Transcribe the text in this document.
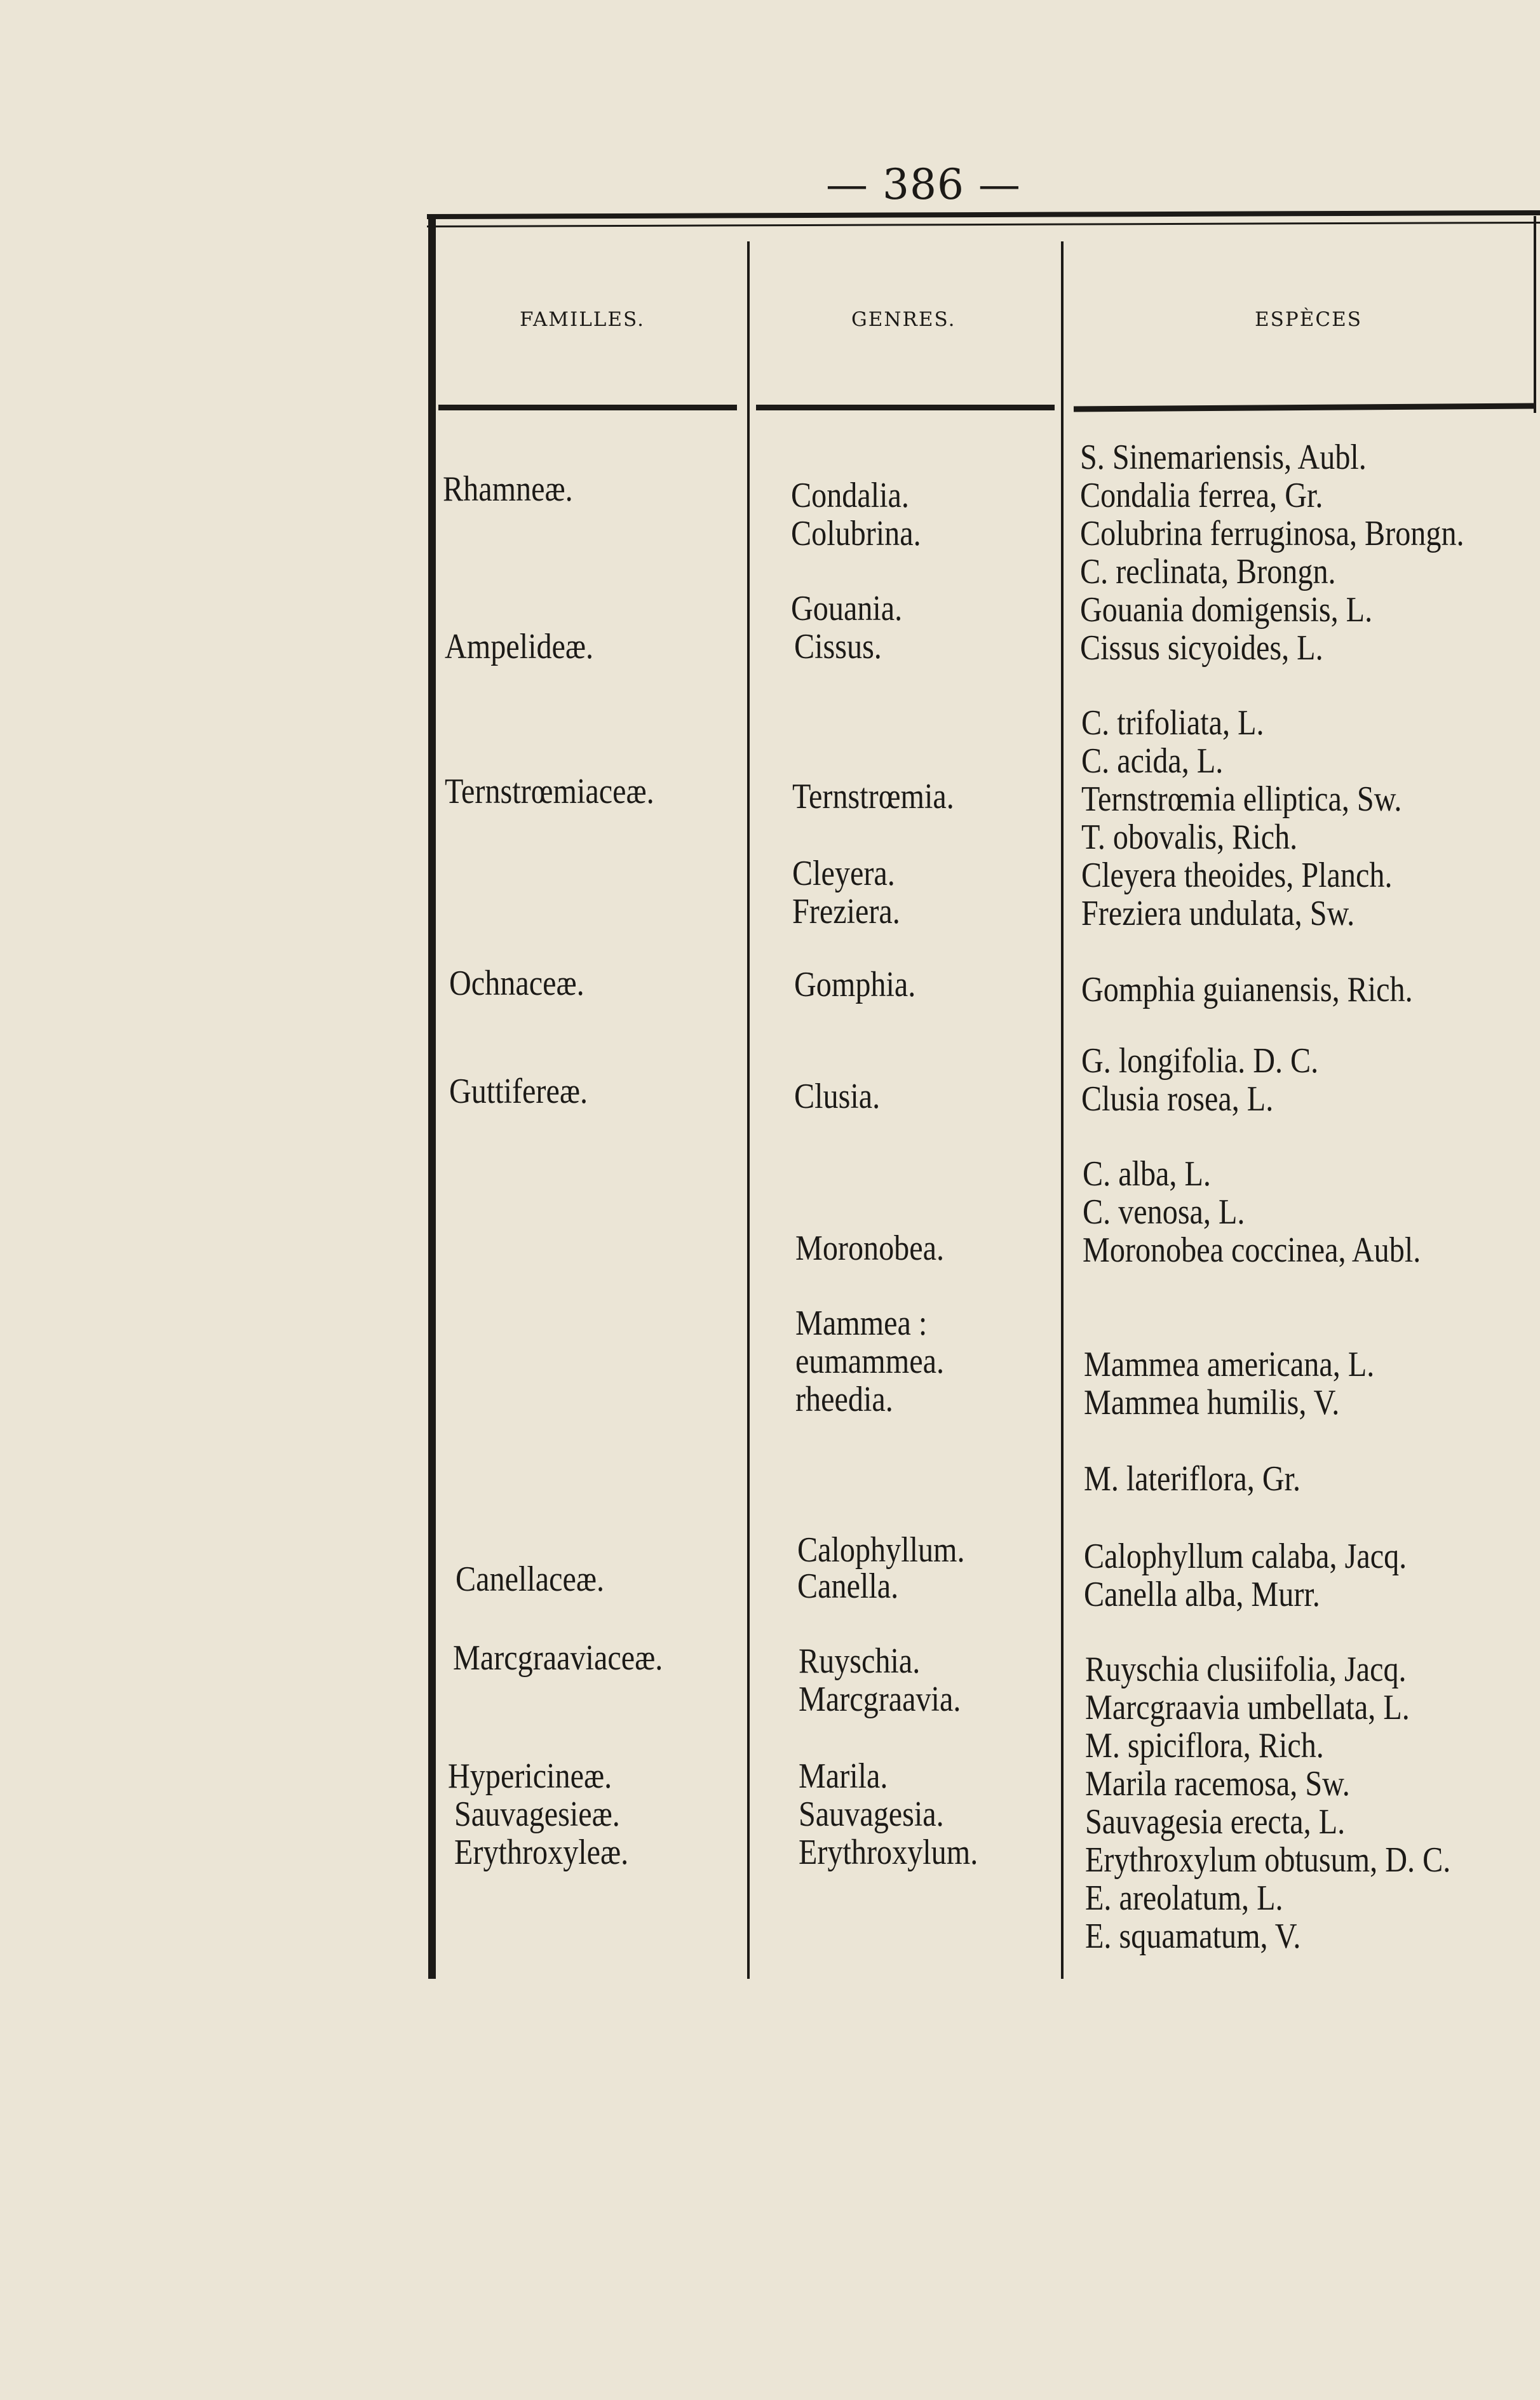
— 386 —
FAMILLES.	GENRES.	ESPÈCES
Rhamneæ.
Ampelideæ.
Ternstrœmiaceæ.
Ochnaceæ.
Guttifereæ.
Canellaceæ.
Marcgraaviaceæ.
Hypericineæ.
Sauvagesieæ.
Erythroxyleæ.
Condalia.
Colubrina.
Gouania.
Cissus.
Ternstrœmia.
Cleyera.
Freziera.
Gomphia.
Clusia.
Moronobea.
Mammea :
eumammea.
rheedia.
Calophyllum.
Canella.
Ruyschia.
Marcgraavia.
Marila.
Sauvagesia.
Erythroxylum.
S. Sinemariensis, Aubl.
Condalia ferrea, Gr.
Colubrina ferruginosa, Brongn.
C. reclinata, Brongn.
Gouania domigensis, L.
Cissus sicyoides, L.
C. trifoliata, L.
C. acida, L.
Ternstrœmia elliptica, Sw.
T. obovalis, Rich.
Cleyera theoides, Planch.
Freziera undulata, Sw.
Gomphia guianensis, Rich.
G. longifolia. D. C.
Clusia rosea, L.
C. alba, L.
C. venosa, L.
Moronobea coccinea, Aubl.
Mammea americana, L.
Mammea humilis, V.
M. lateriflora, Gr.
Calophyllum calaba, Jacq.
Canella alba, Murr.
Ruyschia clusiifolia, Jacq.
Marcgraavia umbellata, L.
M. spiciflora, Rich.
Marila racemosa, Sw.
Sauvagesia erecta, L.
Erythroxylum obtusum, D. C.
E. areolatum, L.
E. squamatum, V.
